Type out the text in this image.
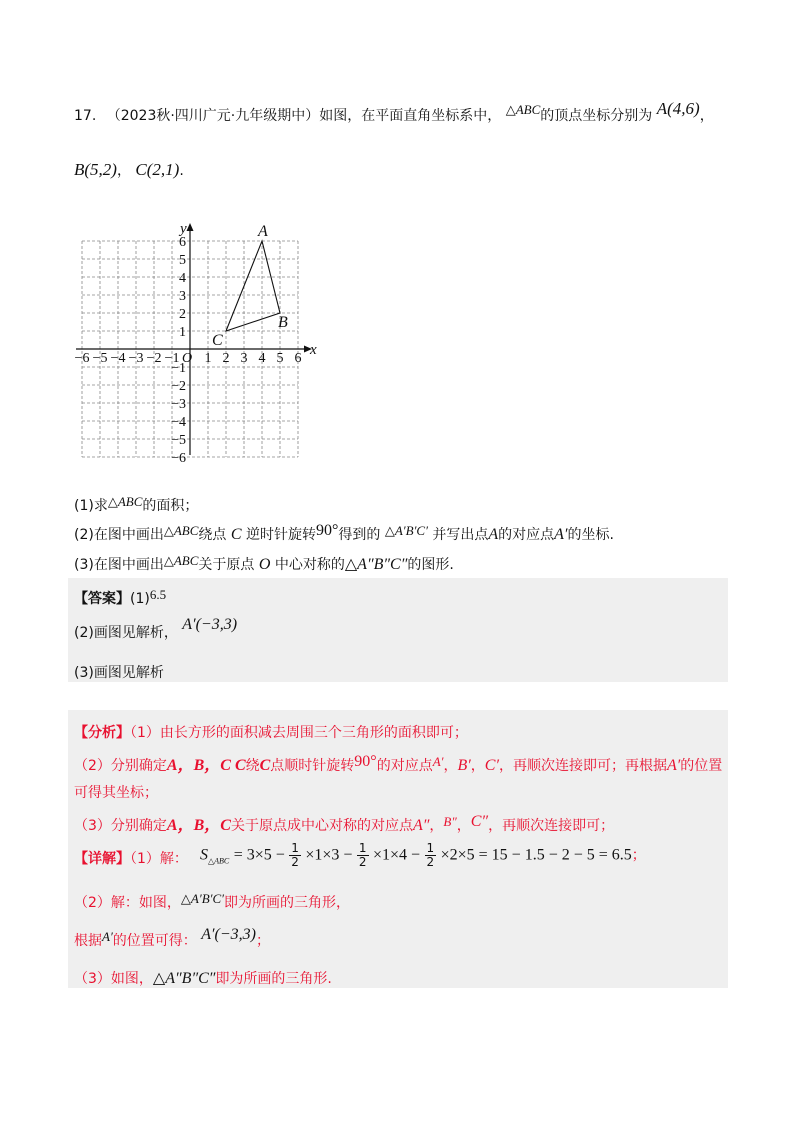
17. （2023秋·四川广元·九年级期中）如图，在平面直角坐标系中， △ABC的顶点坐标分别为 A(4,6)，
B(5,2)， C(2,1).
−6 −5 −4 −3 −2 −1 O 1 2 3 4 5 6
6
5
4
3
2
1
−1
−2
−3
−4
−5
−6
x
y	A
B
C
(1)求△ABC的面积；
(2)在图中画出△ABC绕点 C 逆时针旋转90°得到的 △A′B′C′ 并写出点A的对应点A′的坐标.
(3)在图中画出△ABC关于原点 O 中心对称的△A″B″C″的图形.
【答案】(1)6.5
(2)画图见解析， A′(−3,3)
(3)画图见解析
【分析】（1）由长方形的面积减去周围三个三角形的面积即可；
（2）分别确定A，B，C C绕C点顺时针旋转90°的对应点A′，B′，C′，再顺次连接即可；再根据A′的位置
可得其坐标；
（3）分别确定A，B，C关于原点成中心对称的对应点A″，B″，C″，再顺次连接即可；
【详解】（1）解： $S_{\triangle ABC} = 3\times 5 - \frac{1}{2} \times 1\times 3 - \frac{1}{2} \times 1\times 4 - \frac{1}{2} \times 2\times 5 = 15 - 1.5 - 2 - 5 = 6.5$；
（2）解：如图，△A′B′C′即为所画的三角形，
根据A′的位置可得： A′(−3,3)；
（3）如图，△A″B″C″即为所画的三角形.
